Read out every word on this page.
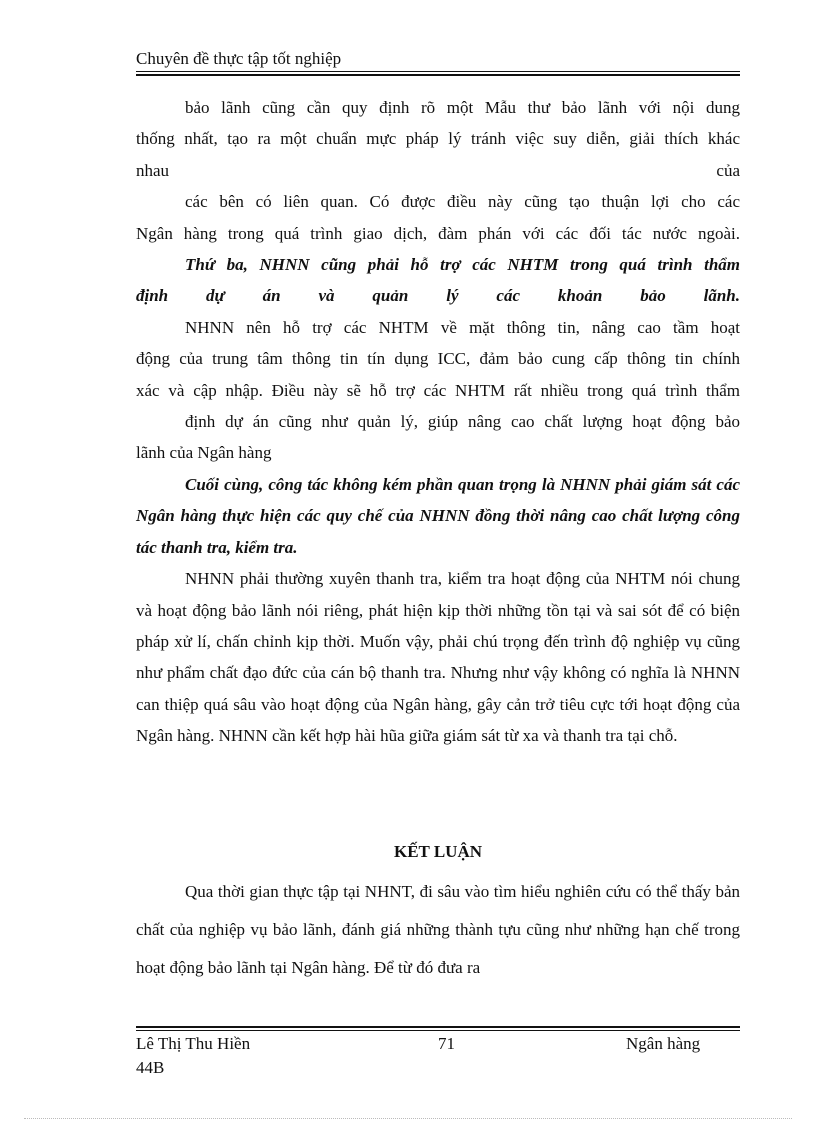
Chuyên đề thực tập tốt nghiệp

bảo lãnh cũng cần quy định rõ một Mẫu thư bảo lãnh với nội dung

thống nhất, tạo ra một chuẩn mực pháp lý tránh việc suy diễn, giải thích khác

nhau	của

các bên có liên quan. Có được điều này cũng tạo thuận lợi cho các

Ngân hàng trong quá trình giao dịch, đàm phán với các đối tác nước ngoài.

Thứ ba, NHNN cũng phải hỗ trợ các NHTM trong quá trình thẩm

định dự án và quản lý các khoản bảo lãnh.

NHNN nên hỗ trợ các NHTM về mặt thông tin, nâng cao tầm hoạt

động của trung tâm thông tin tín dụng ICC, đảm bảo cung cấp thông tin chính

xác và cập nhập. Điều này sẽ hỗ trợ các NHTM rất nhiều trong quá trình thẩm

định dự án cũng như quản lý, giúp nâng cao chất lượng hoạt động bảo

lãnh của Ngân hàng

Cuối cùng, công tác không kém phần quan trọng là NHNN phải giám sát các Ngân hàng thực hiện các quy chế của NHNN đồng thời nâng cao chất lượng công tác thanh tra, kiểm tra.

NHNN phải thường xuyên thanh tra, kiểm tra hoạt động của NHTM nói chung và hoạt động bảo lãnh nói riêng, phát hiện kịp thời những tồn tại và sai sót để có biện pháp xử lí, chấn chỉnh kịp thời. Muốn vậy, phải chú trọng đến trình độ nghiệp vụ cũng như phẩm chất đạo đức của cán bộ thanh tra. Nhưng như vậy không có nghĩa là NHNN can thiệp quá sâu vào hoạt động của Ngân hàng, gây cản trở tiêu cực tới hoạt động của Ngân hàng. NHNN cần kết hợp hài hũa giữa giám sát từ xa và thanh tra tại chỗ.

KẾT LUẬN

Qua thời gian thực tập tại NHNT, đi sâu vào tìm hiểu nghiên cứu có thể thấy bản chất của nghiệp vụ bảo lãnh, đánh giá những thành tựu cũng như những hạn chế trong hoạt động bảo lãnh tại Ngân hàng. Để từ đó đưa ra

Lê Thị Thu Hiền	71	Ngân hàng
44B
